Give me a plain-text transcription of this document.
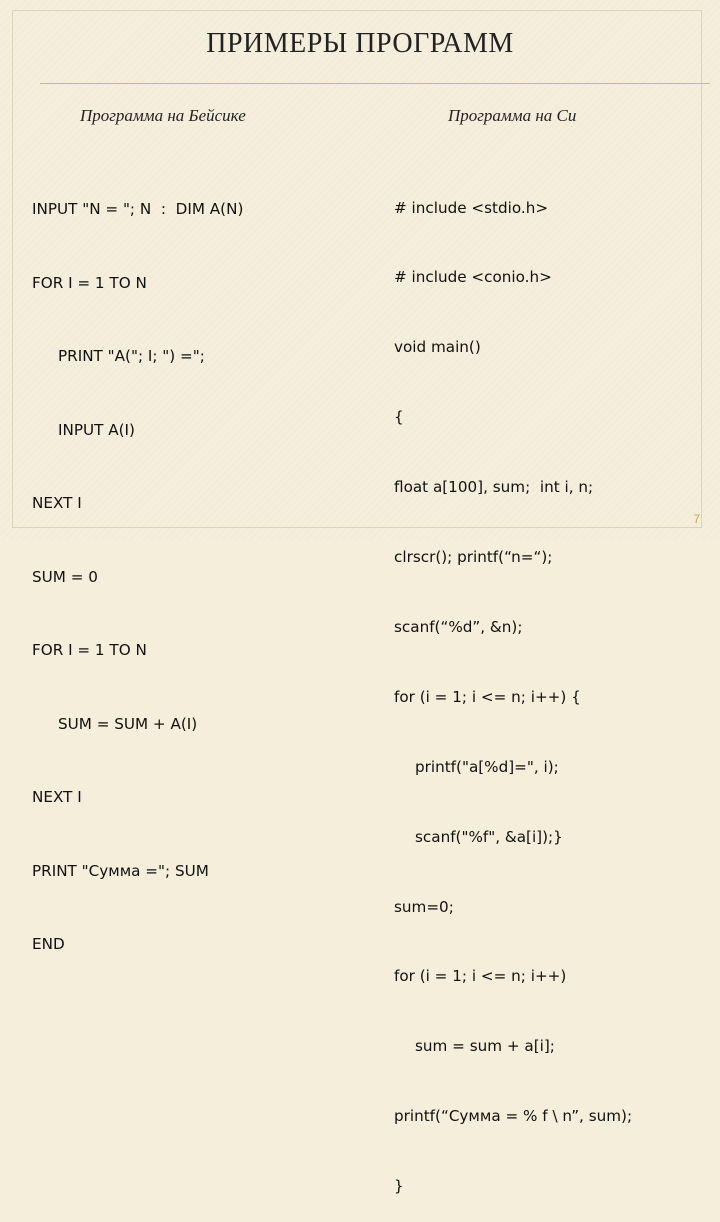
ПРИМЕРЫ ПРОГРАММ
Программа на Бейсике	Программа на Си

INPUT "N = "; N  :  DIM A(N)

FOR I = 1 TO N

PRINT "A("; I; ") =";

INPUT A(I)

NEXT I

SUM = 0

FOR I = 1 TO N

SUM = SUM + A(I)

NEXT I

PRINT "Сумма ="; SUM

END

# include <stdio.h>

# include <conio.h>

void main()

{

float a[100], sum;  int i, n;

clrscr(); printf(“n=“);

scanf(“%d”, &n);

for (i = 1; i <= n; i++) {

printf("a[%d]=", i);

scanf("%f", &a[i]);}

sum=0;

for (i = 1; i <= n; i++)

sum = sum + a[i];

printf(“Сумма = % f \ n”, sum);

}

7
